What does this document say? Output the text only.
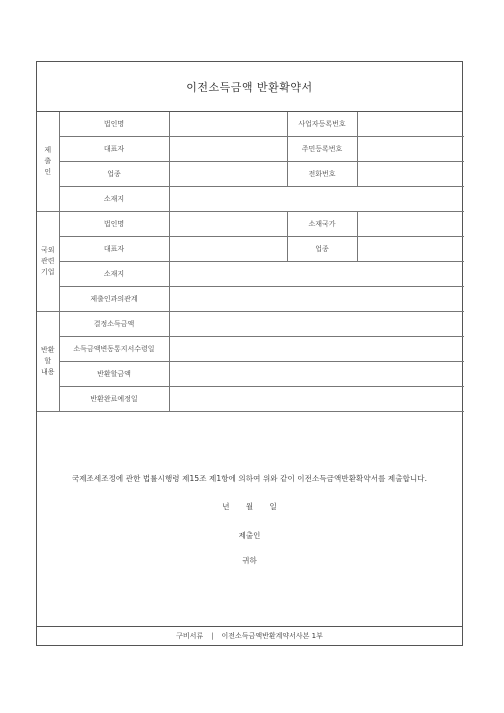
이전소득금액 반환확약서
제
출
인	법인명		사업자등록번호	
	대표자		주민등록번호	
	업종		전화번호	
	소재지			
국외
관련
기업	법인명		소재국가	
	대표자		업종	
	소재지			
	제출인과의관계			
반환
할
내용	결정소득금액			
	소득금액변동통지서수령일			
	반환할금액			
	반환완료예정일			
국제조세조정에 관한 법률시행령 제15조 제1항에 의하여 위와 같이 이전소득금액반환확약서를 제출합니다.
년 월 일
제출인
귀하
구비서류 | 이전소득금액반환계약서사본 1부
